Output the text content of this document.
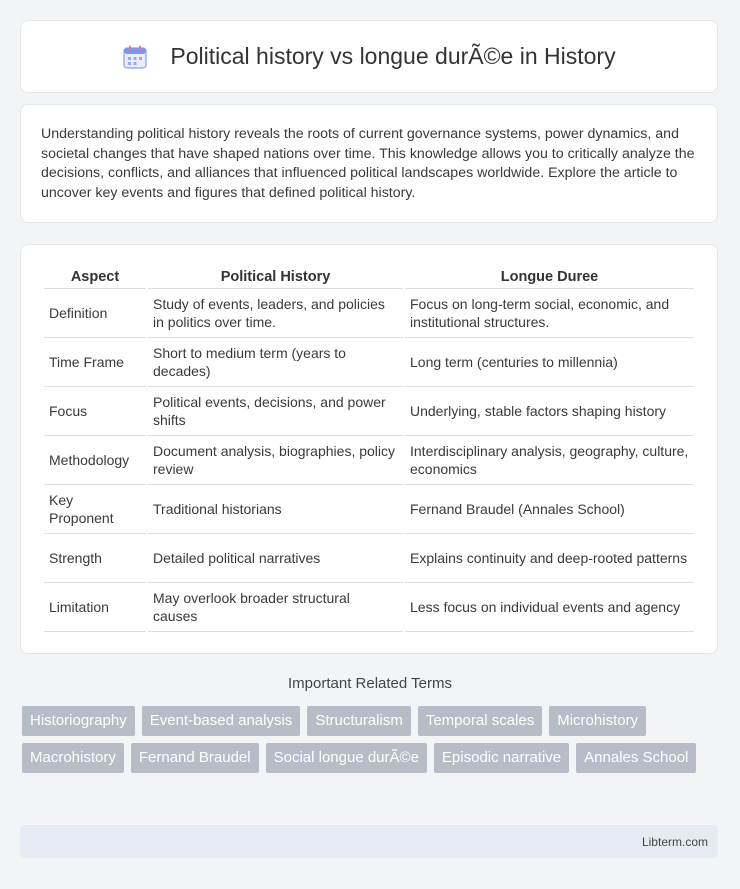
Political history vs longue durÃ©e in History

Understanding political history reveals the roots of current governance systems, power dynamics, and societal changes that have shaped nations over time. This knowledge allows you to critically analyze the decisions, conflicts, and alliances that influenced political landscapes worldwide. Explore the article to uncover key events and figures that defined political history.

Aspect	Political History	Longue Duree
Definition	Study of events, leaders, and policies in politics over time.	Focus on long-term social, economic, and institutional structures.
Time Frame	Short to medium term (years to decades)	Long term (centuries to millennia)
Focus	Political events, decisions, and power shifts	Underlying, stable factors shaping history
Methodology	Document analysis, biographies, policy review	Interdisciplinary analysis, geography, culture, economics
Key Proponent	Traditional historians	Fernand Braudel (Annales School)
Strength	Detailed political narratives	Explains continuity and deep-rooted patterns
Limitation	May overlook broader structural causes	Less focus on individual events and agency
Important Related Terms
Historiography	Event-based analysis	Structuralism	Temporal scales	Microhistory
Macrohistory	Fernand Braudel	Social longue durÃ©e	Episodic narrative	Annales School
Libterm.com
